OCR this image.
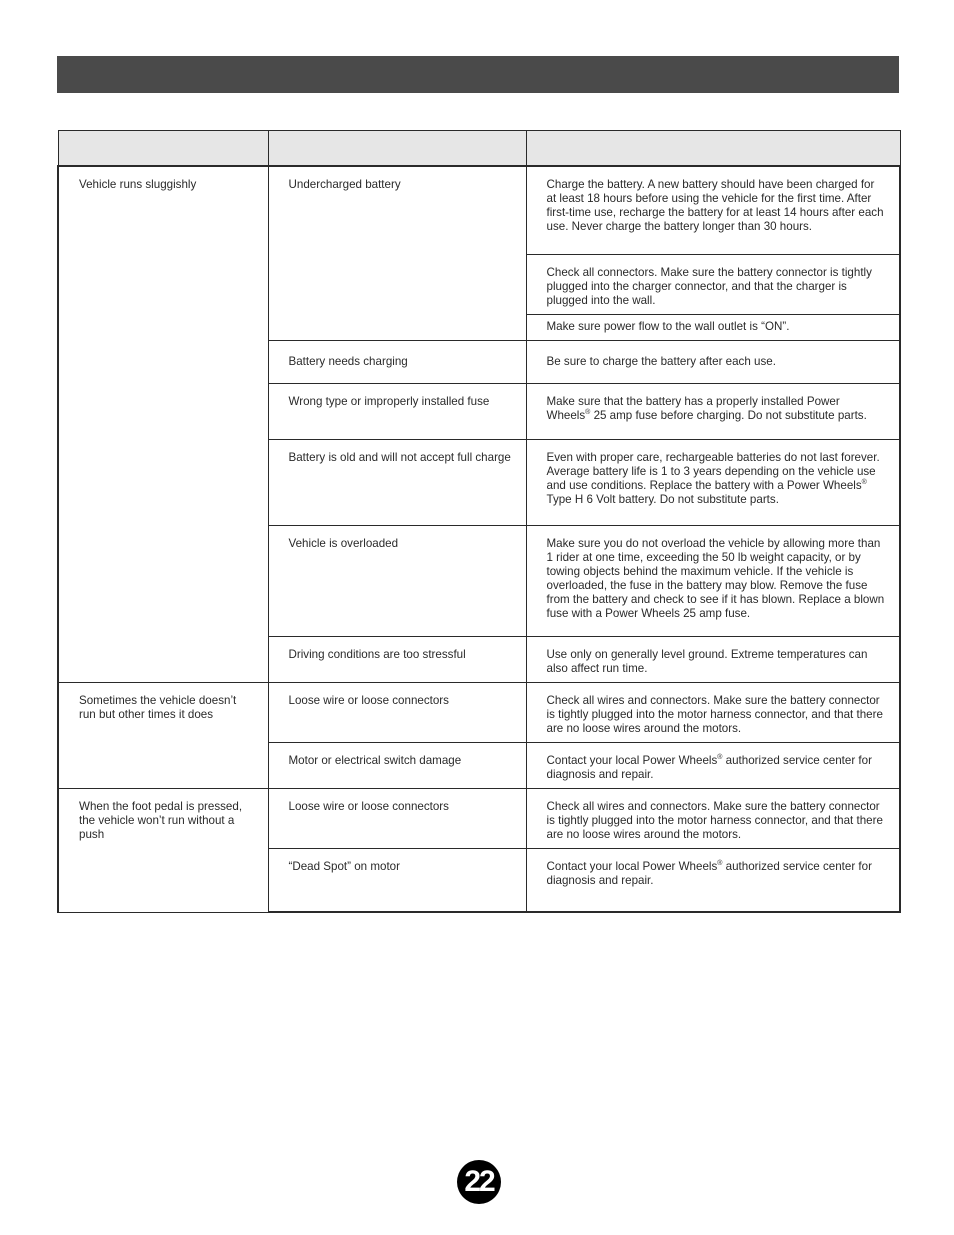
Vehicle runs sluggishly	Undercharged battery	Charge the battery. A new battery should have been charged for at least 18 hours before using the vehicle for the first time. After first-time use, recharge the battery for at least 14 hours after each use. Never charge the battery longer than 30 hours.
		Check all connectors. Make sure the battery connector is tightly plugged into the charger connector, and that the charger is plugged into the wall.
		Make sure power flow to the wall outlet is “ON”.
	Battery needs charging	Be sure to charge the battery after each use.
	Wrong type or improperly installed fuse	Make sure that the battery has a properly installed Power Wheels® 25 amp fuse before charging. Do not substitute parts.
	Battery is old and will not accept full charge	Even with proper care, rechargeable batteries do not last forever. Average battery life is 1 to 3 years depending on the vehicle use and use conditions. Replace the battery with a Power Wheels® Type H 6 Volt battery. Do not substitute parts.
	Vehicle is overloaded	Make sure you do not overload the vehicle by allowing more than 1 rider at one time, exceeding the 50 lb weight capacity, or by towing objects behind the maximum vehicle. If the vehicle is overloaded, the fuse in the battery may blow. Remove the fuse from the battery and check to see if it has blown. Replace a blown fuse with a Power Wheels 25 amp fuse.
	Driving conditions are too stressful	Use only on generally level ground. Extreme temperatures can also affect run time.
Sometimes the vehicle doesn’t run but other times it does	Loose wire or loose connectors	Check all wires and connectors. Make sure the battery connector is tightly plugged into the motor harness connector, and that there are no loose wires around the motors.
	Motor or electrical switch damage	Contact your local Power Wheels® authorized service center for diagnosis and repair.
When the foot pedal is pressed, the vehicle won’t run without a push	Loose wire or loose connectors	Check all wires and connectors. Make sure the battery connector is tightly plugged into the motor harness connector, and that there are no loose wires around the motors.
	“Dead Spot” on motor	Contact your local Power Wheels® authorized service center for diagnosis and repair.
22
